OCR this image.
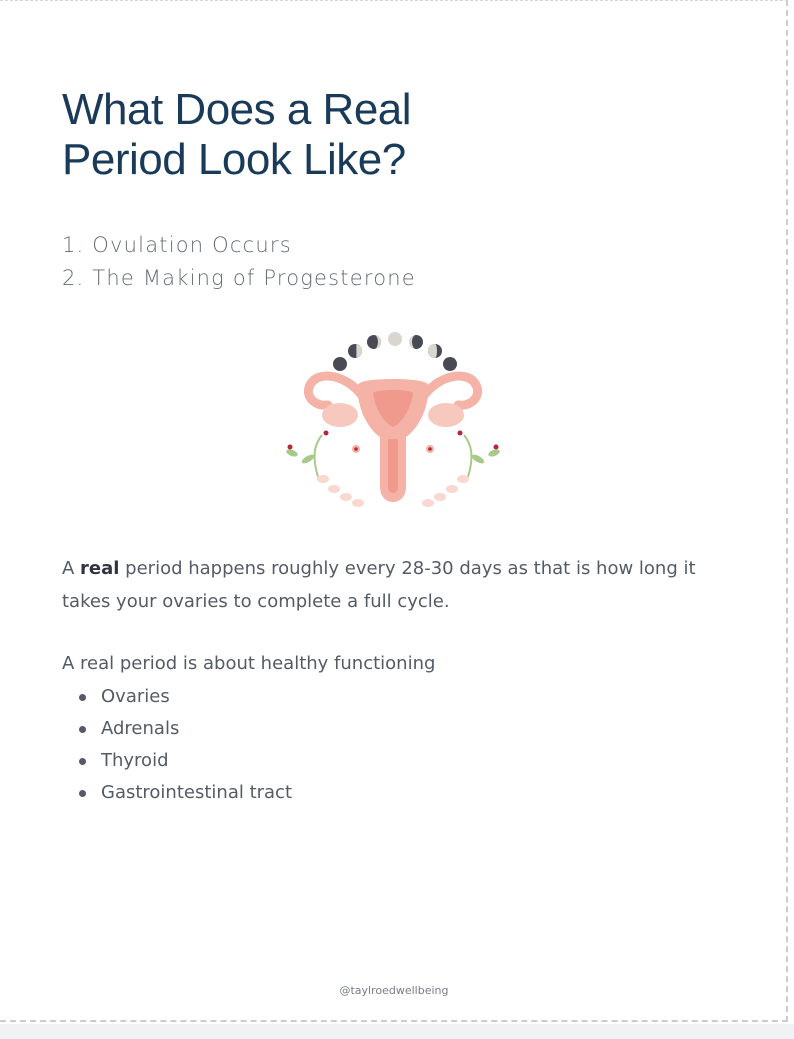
What Does a Real
Period Look Like?
1. Ovulation Occurs
2. The Making of Progesterone

A real period happens roughly every 28-30 days as that is how long it takes your ovaries to complete a full cycle.

A real period is about healthy functioning

Ovaries
Adrenals
Thyroid
Gastrointestinal tract
@taylroedwellbeing
